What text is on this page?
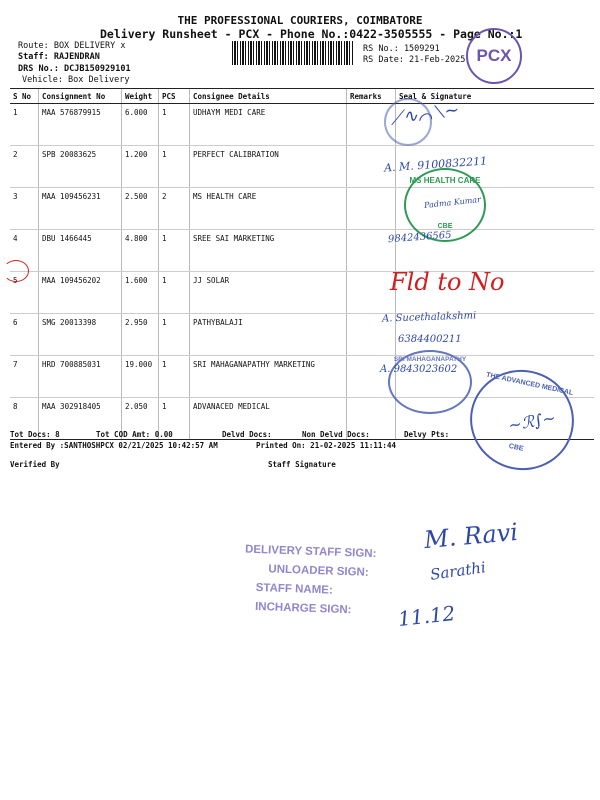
THE PROFESSIONAL COURIERS, COIMBATORE
Delivery Runsheet - PCX - Phone No.:0422-3505555 - Page No.:1
Route: BOX DELIVERY x
Staff: RAJENDRAN
DRS No.: DCJB150929101
Vehicle: Box Delivery
RS No.: 1509291
RS Date: 21-Feb-2025 PCX
S No	Consignment No	Weight	PCS	Consignee Details	Remarks	Seal & Signature
1	MAA 576879915	6.000	1	UDHAYM MEDI CARE		
2	SPB 20083625	1.200	1	PERFECT CALIBRATION		
3	MAA 109456231	2.500	2	MS HEALTH CARE		
4	DBU 1466445	4.800	1	SREE SAI MARKETING		
5	MAA 109456202	1.600	1	JJ SOLAR		
6	SMG 20013398	2.950	1	PATHYBALAJI		
7	HRD 700885031	19.000	1	SRI MAHAGANAPATHY MARKETING		
8	MAA 302918405	2.050	1	ADVANACED MEDICAL		
⟋∿⌒⟍~
A. M. 9100832211
MS HEALTH CARE
CBE
Padma Kumar
9842436565
Fld to No
A. Sucethalakshmi
6384400211
SRI MAHAGANAPATHY
A. 9843023602
THE ADVANCED MEDICAL
CBE
~ℛ∫~
Tot Docs: 8	Tot COD Amt: 0.00	Delvd Docs:	Non Delvd Docs:	Delvy Pts:
Entered By :SANTHOSHPCX 02/21/2025 10:42:57 AM	Printed On: 21-02-2025 11:11:44
Verified By	Staff Signature
DELIVERY STAFF SIGN:
UNLOADER SIGN:
STAFF NAME:
INCHARGE SIGN:
M. Ravi
Sarathi
11.12
